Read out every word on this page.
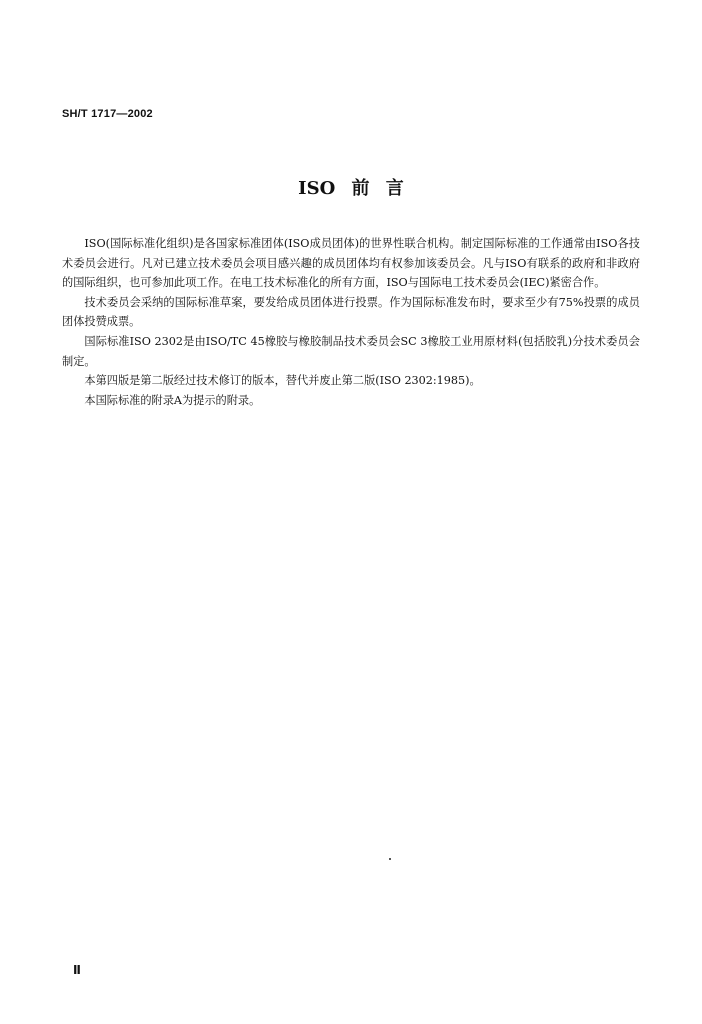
SH/T 1717—2002
ISO 前 言

ISO(国际标准化组织)是各国家标准团体(ISO成员团体)的世界性联合机构。制定国际标准的工作通常由ISO各技术委员会进行。凡对已建立技术委员会项目感兴趣的成员团体均有权参加该委员会。凡与ISO有联系的政府和非政府的国际组织，也可参加此项工作。在电工技术标准化的所有方面，ISO与国际电工技术委员会(IEC)紧密合作。

技术委员会采纳的国际标准草案，要发给成员团体进行投票。作为国际标准发布时，要求至少有75%投票的成员团体投赞成票。

国际标准ISO 2302是由ISO/TC 45橡胶与橡胶制品技术委员会SC 3橡胶工业用原材料(包括胶乳)分技术委员会制定。

本第四版是第二版经过技术修订的版本，替代并废止第二版(ISO 2302:1985)。

本国际标准的附录A为提示的附录。

Ⅱ
